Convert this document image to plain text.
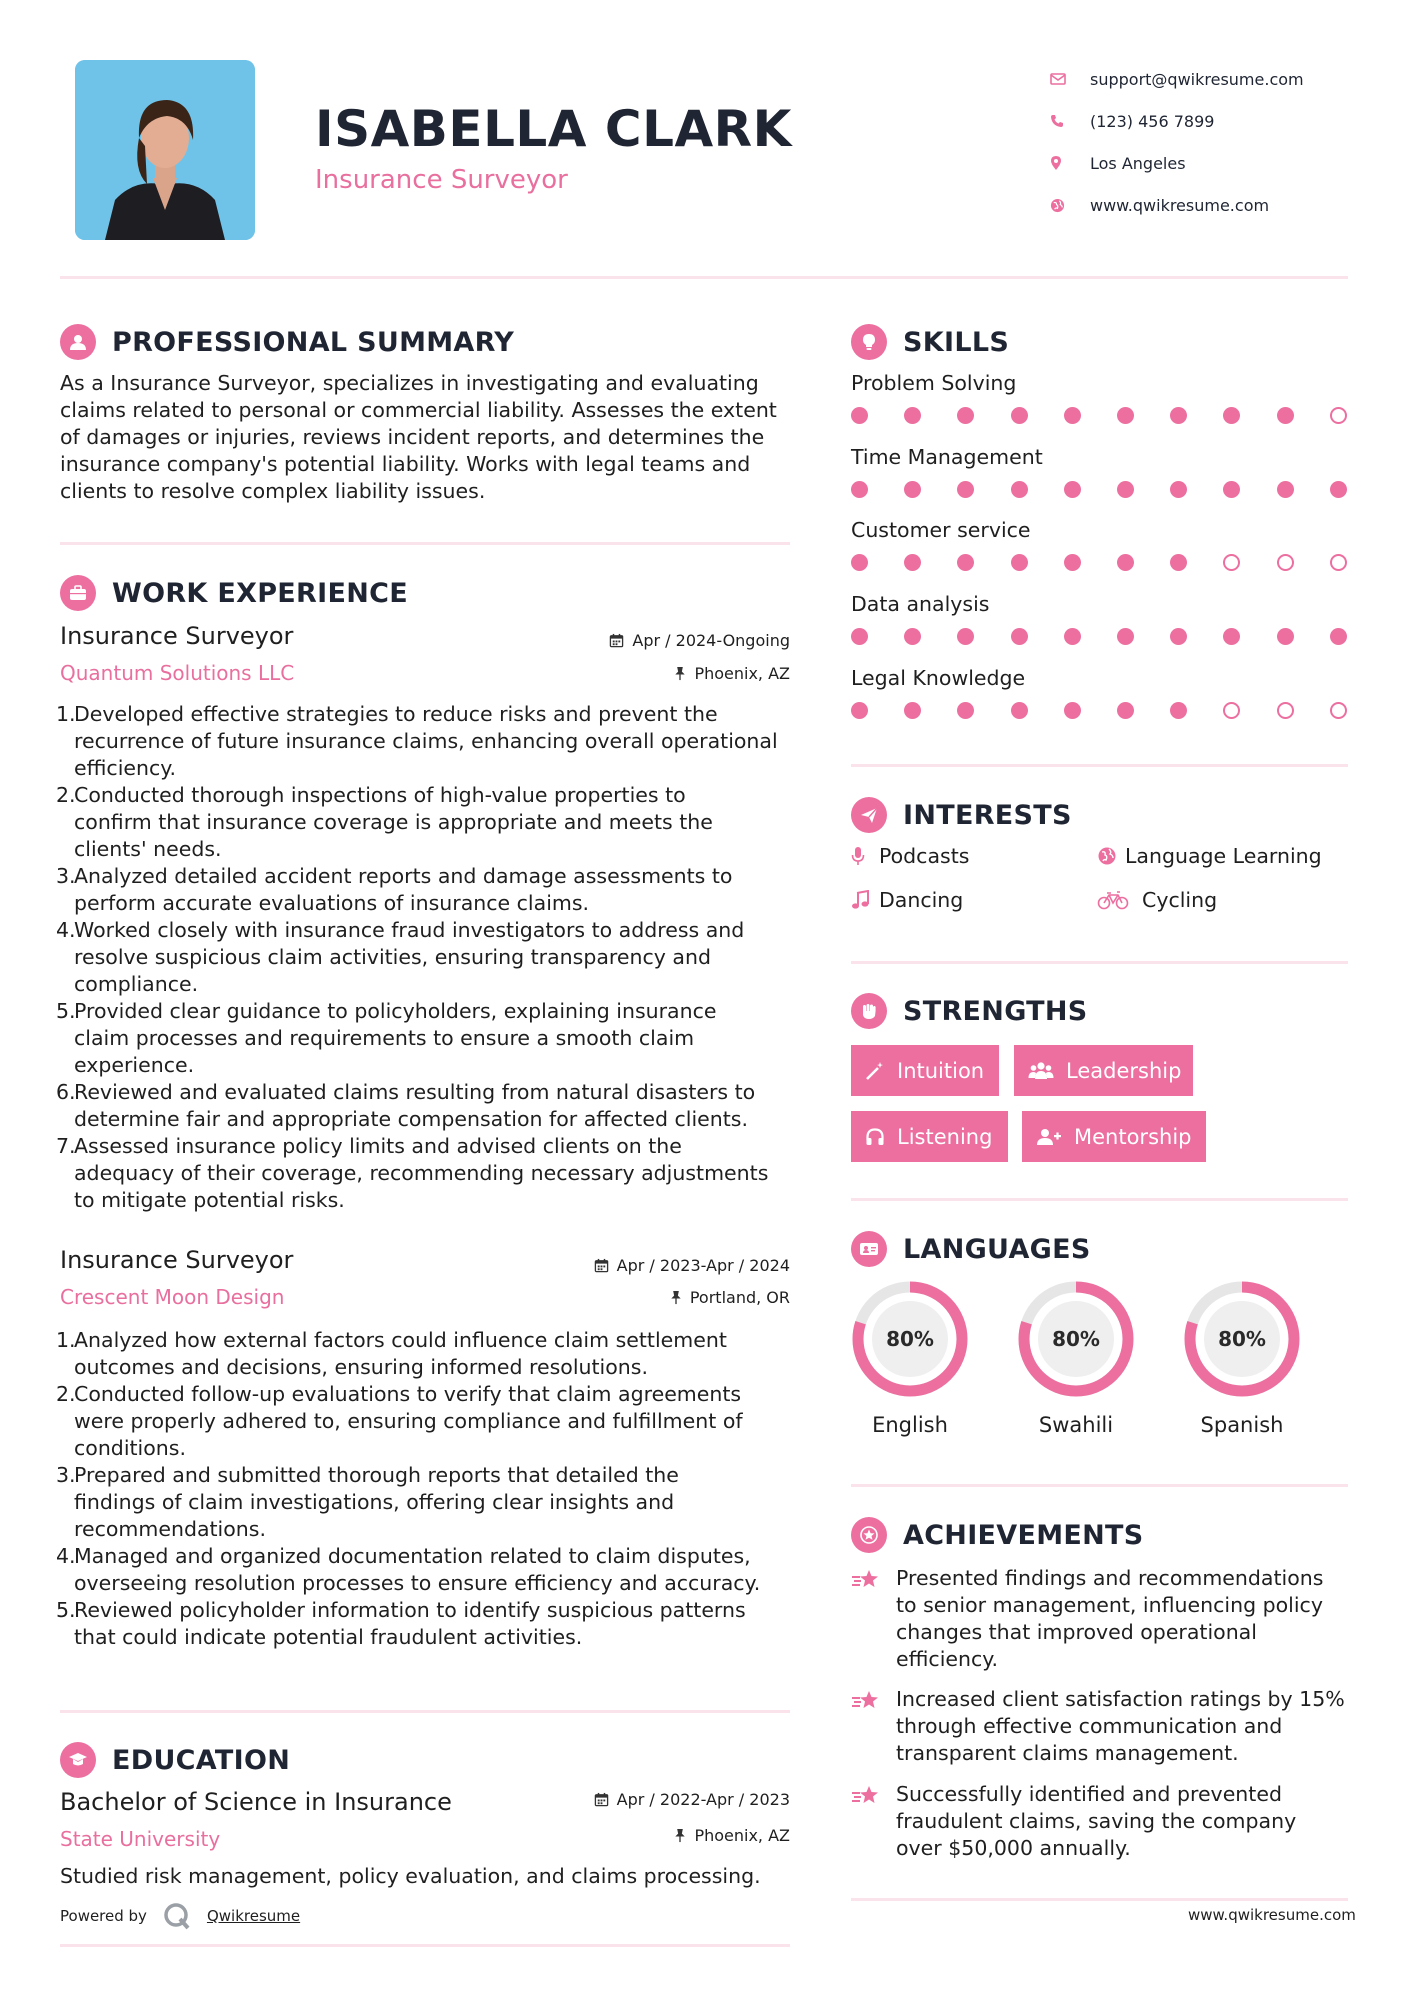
ISABELLA CLARK
Insurance Surveyor
support@qwikresume.com
(123) 456 7899
Los Angeles
www.qwikresume.com
PROFESSIONAL SUMMARY
As a Insurance Surveyor, specializes in investigating and evaluating claims related to personal or commercial liability. Assesses the extent of damages or injuries, reviews incident reports, and determines the insurance company's potential liability. Works with legal teams and clients to resolve complex liability issues.
WORK EXPERIENCE
Insurance Surveyor
Quantum Solutions LLC
Apr / 2024-Ongoing
Phoenix, AZ
1.
Developed effective strategies to reduce risks and prevent the
recurrence of future insurance claims, enhancing overall operational
efficiency.
2.
Conducted thorough inspections of high-value properties to
confirm that insurance coverage is appropriate and meets the
clients' needs.
3.
Analyzed detailed accident reports and damage assessments to
perform accurate evaluations of insurance claims.
4.
Worked closely with insurance fraud investigators to address and
resolve suspicious claim activities, ensuring transparency and
compliance.
5.
Provided clear guidance to policyholders, explaining insurance
claim processes and requirements to ensure a smooth claim
experience.
6.
Reviewed and evaluated claims resulting from natural disasters to
determine fair and appropriate compensation for affected clients.
7.
Assessed insurance policy limits and advised clients on the
adequacy of their coverage, recommending necessary adjustments
to mitigate potential risks.
Insurance Surveyor
Crescent Moon Design
Apr / 2023-Apr / 2024
Portland, OR
1.
Analyzed how external factors could influence claim settlement
outcomes and decisions, ensuring informed resolutions.
2.
Conducted follow-up evaluations to verify that claim agreements
were properly adhered to, ensuring compliance and fulfillment of
conditions.
3.
Prepared and submitted thorough reports that detailed the
findings of claim investigations, offering clear insights and
recommendations.
4.
Managed and organized documentation related to claim disputes,
overseeing resolution processes to ensure efficiency and accuracy.
5.
Reviewed policyholder information to identify suspicious patterns
that could indicate potential fraudulent activities.
EDUCATION
Bachelor of Science in Insurance
State University
Apr / 2022-Apr / 2023
Phoenix, AZ
Studied risk management, policy evaluation, and claims processing.
Powered by	Qwikresume
SKILLS
Problem Solving
Time Management
Customer service
Data analysis
Legal Knowledge
INTERESTS
Podcasts	Language Learning
Dancing	Cycling
STRENGTHS
Intuition	Leadership
Listening	Mentorship
LANGUAGES
80%
English
80%
Swahili
80%
Spanish
ACHIEVEMENTS
Presented findings and recommendations
to senior management, influencing policy
changes that improved operational
efficiency.
Increased client satisfaction ratings by 15%
through effective communication and
transparent claims management.
Successfully identified and prevented
fraudulent claims, saving the company
over $50,000 annually.
www.qwikresume.com
